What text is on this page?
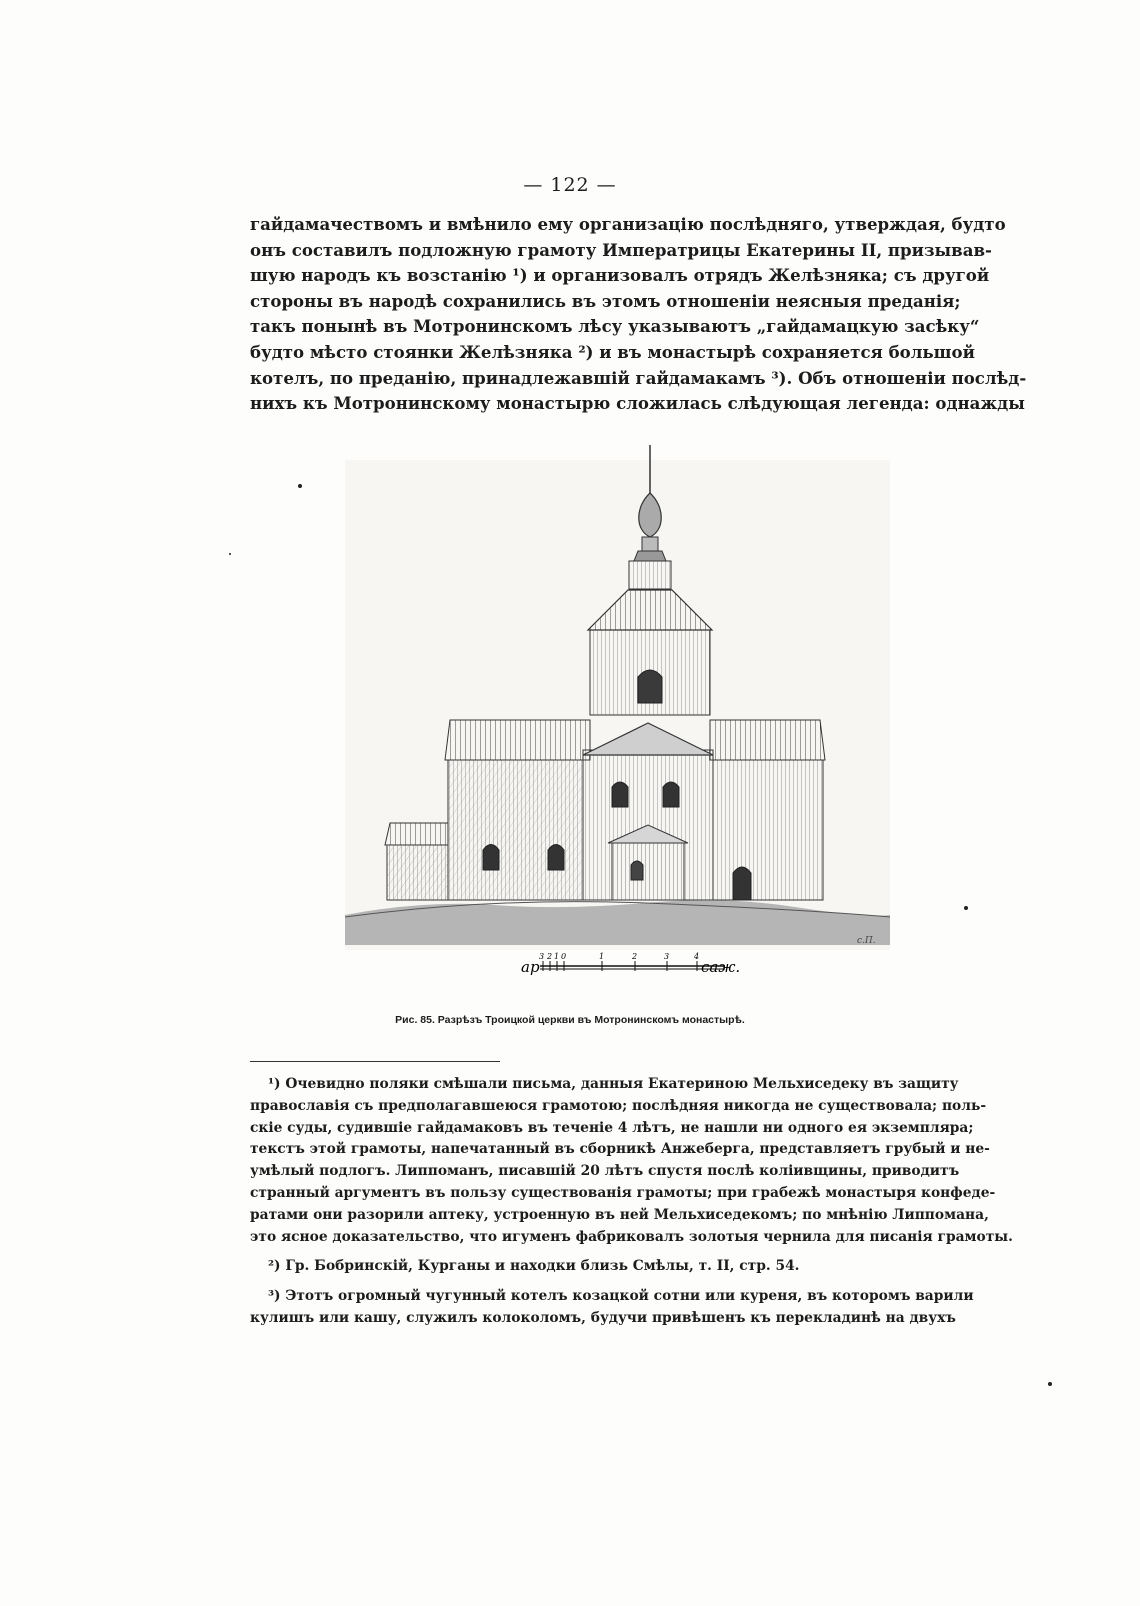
— 122 —
гайдамачествомъ и вмѣнило ему организацію послѣдняго, утверждая, будто
онъ составилъ подложную грамоту Императрицы Екатерины II, призывав-
шую народъ къ возстанію ¹) и организовалъ отрядъ Желѣзняка; съ другой
стороны въ народѣ сохранились въ этомъ отношеніи неясныя преданія;
такъ понынѣ въ Мотронинскомъ лѣсу указываютъ „гайдамацкую засѣку“
будто мѣсто стоянки Желѣзняка ²) и въ монастырѣ сохраняется большой
котелъ, по преданію, принадлежавшій гайдамакамъ ³). Объ отношеніи послѣд-
нихъ къ Мотронинскому монастырю сложилась слѣдующая легенда: однажды
с.П.
ар	саж.
3 2 1 0	1	2	3	4
Рис. 85. Разрѣзъ Троицкой церкви въ Мотронинскомъ монастырѣ.
¹) Очевидно поляки смѣшали письма, данныя Екатериною Мельхиседеку въ защиту
православія съ предполагавшеюся грамотою; послѣдняя никогда не существовала; поль-
скіе суды, судившіе гайдамаковъ въ теченіе 4 лѣтъ, не нашли ни одного ея экземпляра;
текстъ этой грамоты, напечатанный въ сборникѣ Анжеберга, представляетъ грубый и не-
умѣлый подлогъ. Липпоманъ, писавшій 20 лѣтъ спустя послѣ коліивщины, приводитъ
странный аргументъ въ пользу существованія грамоты; при грабежѣ монастыря конфеде-
ратами они разорили аптеку, устроенную въ ней Мельхиседекомъ; по мнѣнію Липпомана,
это ясное доказательство, что игуменъ фабриковалъ золотыя чернила для писанія грамоты.
²) Гр. Бобринскій, Курганы и находки близь Смѣлы, т. II, стр. 54.
³) Этотъ огромный чугунный котелъ козацкой сотни или куреня, въ которомъ варили
кулишъ или кашу, служилъ колоколомъ, будучи привѣшенъ къ перекладинѣ на двухъ
